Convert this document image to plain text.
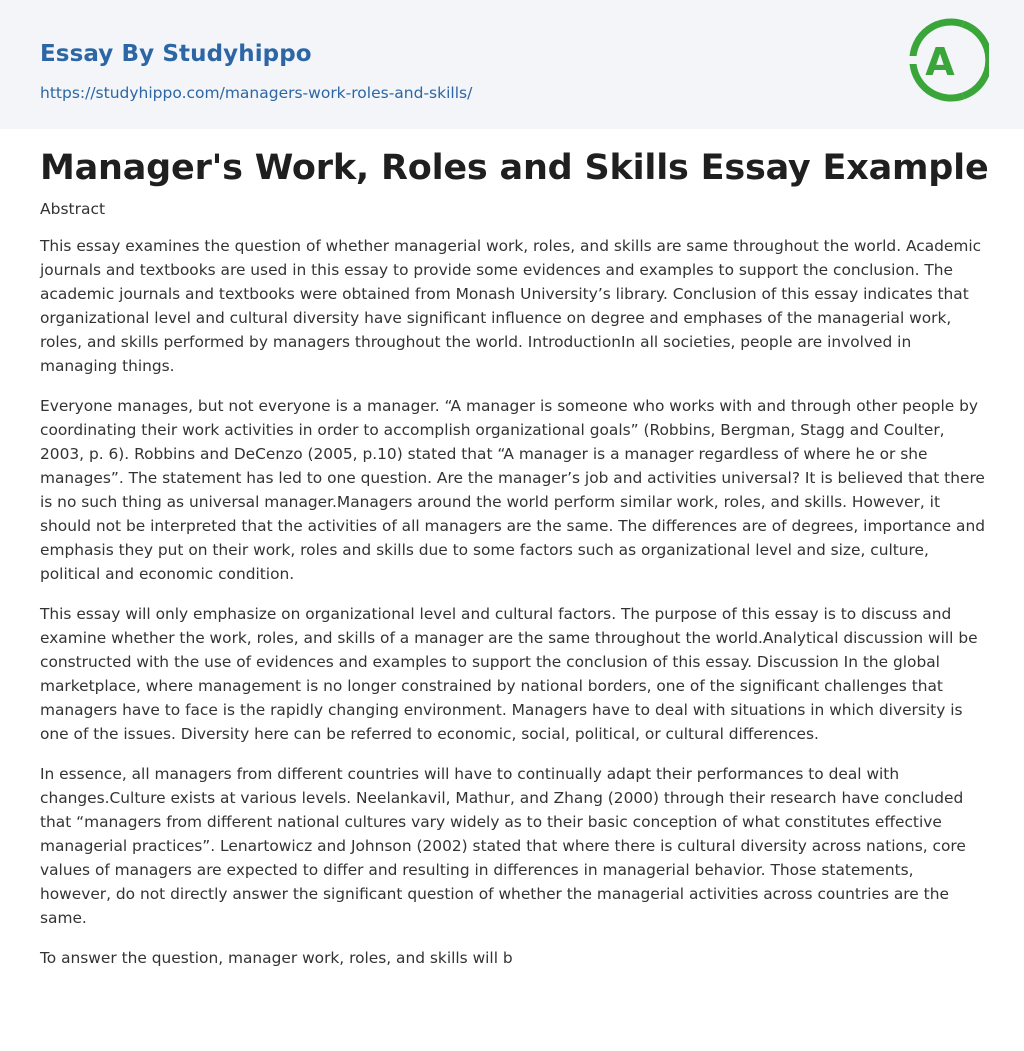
Essay By Studyhippo
https://studyhippo.com/managers-work-roles-and-skills/
A
Manager's Work, Roles and Skills Essay Example
Abstract

This essay examines the question of whether managerial work, roles, and skills are same throughout the world. Academic journals and textbooks are used in this essay to provide some evidences and examples to support the conclusion. The academic journals and textbooks were obtained from Monash University’s library. Conclusion of this essay indicates that organizational level and cultural diversity have significant influence on degree and emphases of the managerial work, roles, and skills performed by managers throughout the world. IntroductionIn all societies, people are involved in managing things.

Everyone manages, but not everyone is a manager. “A manager is someone who works with and through other people by coordinating their work activities in order to accomplish organizational goals” (Robbins, Bergman, Stagg and Coulter, 2003, p. 6). Robbins and DeCenzo (2005, p.10) stated that “A manager is a manager regardless of where he or she manages”. The statement has led to one question. Are the manager’s job and activities universal? It is believed that there is no such thing as universal manager.Managers around the world perform similar work, roles, and skills. However, it should not be interpreted that the activities of all managers are the same. The differences are of degrees, importance and emphasis they put on their work, roles and skills due to some factors such as organizational level and size, culture, political and economic condition.

This essay will only emphasize on organizational level and cultural factors. The purpose of this essay is to discuss and examine whether the work, roles, and skills of a manager are the same throughout the world.Analytical discussion will be constructed with the use of evidences and examples to support the conclusion of this essay. Discussion In the global marketplace, where management is no longer constrained by national borders, one of the significant challenges that managers have to face is the rapidly changing environment. Managers have to deal with situations in which diversity is one of the issues. Diversity here can be referred to economic, social, political, or cultural differences.

In essence, all managers from different countries will have to continually adapt their performances to deal with changes.Culture exists at various levels. Neelankavil, Mathur, and Zhang (2000) through their research have concluded that “managers from different national cultures vary widely as to their basic conception of what constitutes effective managerial practices”. Lenartowicz and Johnson (2002) stated that where there is cultural diversity across nations, core values of managers are expected to differ and resulting in differences in managerial behavior. Those statements, however, do not directly answer the significant question of whether the managerial activities across countries are the same.

To answer the question, manager work, roles, and skills will b
